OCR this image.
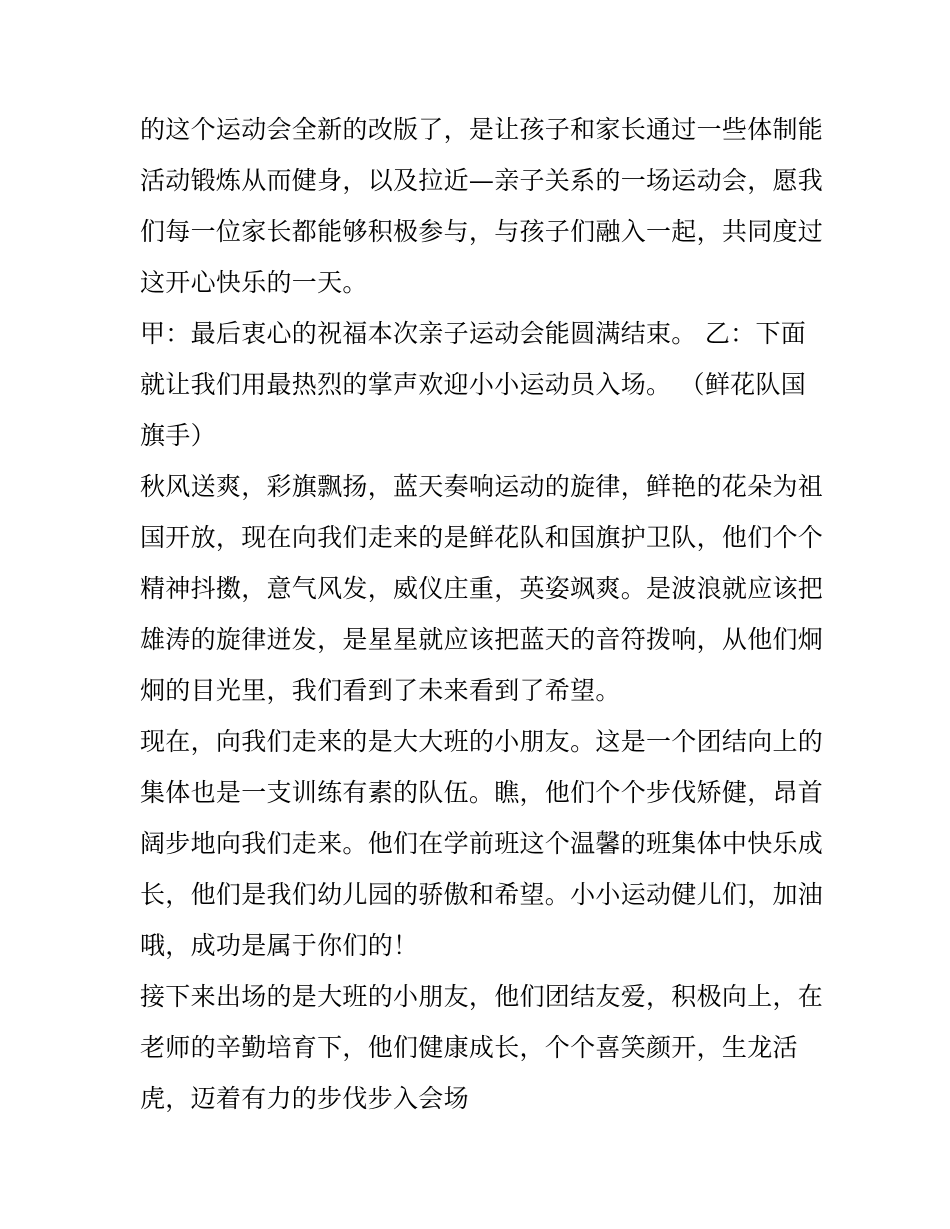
的这个运动会全新的改版了，是让孩子和家长通过一些体制能
活动锻炼从而健身，以及拉近—亲子关系的一场运动会，愿我
们每一位家长都能够积极参与，与孩子们融入一起，共同度过
这开心快乐的一天。
甲：最后衷心的祝福本次亲子运动会能圆满结束。 乙：下面
就让我们用最热烈的掌声欢迎小小运动员入场。 （鲜花队国
旗手）
秋风送爽，彩旗飘扬，蓝天奏响运动的旋律，鲜艳的花朵为祖
国开放，现在向我们走来的是鲜花队和国旗护卫队，他们个个
精神抖擞，意气风发，威仪庄重，英姿飒爽。是波浪就应该把
雄涛的旋律迸发，是星星就应该把蓝天的音符拨响，从他们炯
炯的目光里，我们看到了未来看到了希望。
现在，向我们走来的是大大班的小朋友。这是一个团结向上的
集体也是一支训练有素的队伍。瞧，他们个个步伐矫健，昂首
阔步地向我们走来。他们在学前班这个温馨的班集体中快乐成
长，他们是我们幼儿园的骄傲和希望。小小运动健儿们，加油
哦，成功是属于你们的！
接下来出场的是大班的小朋友，他们团结友爱，积极向上，在
老师的辛勤培育下，他们健康成长，个个喜笑颜开，生龙活
虎，迈着有力的步伐步入会场
